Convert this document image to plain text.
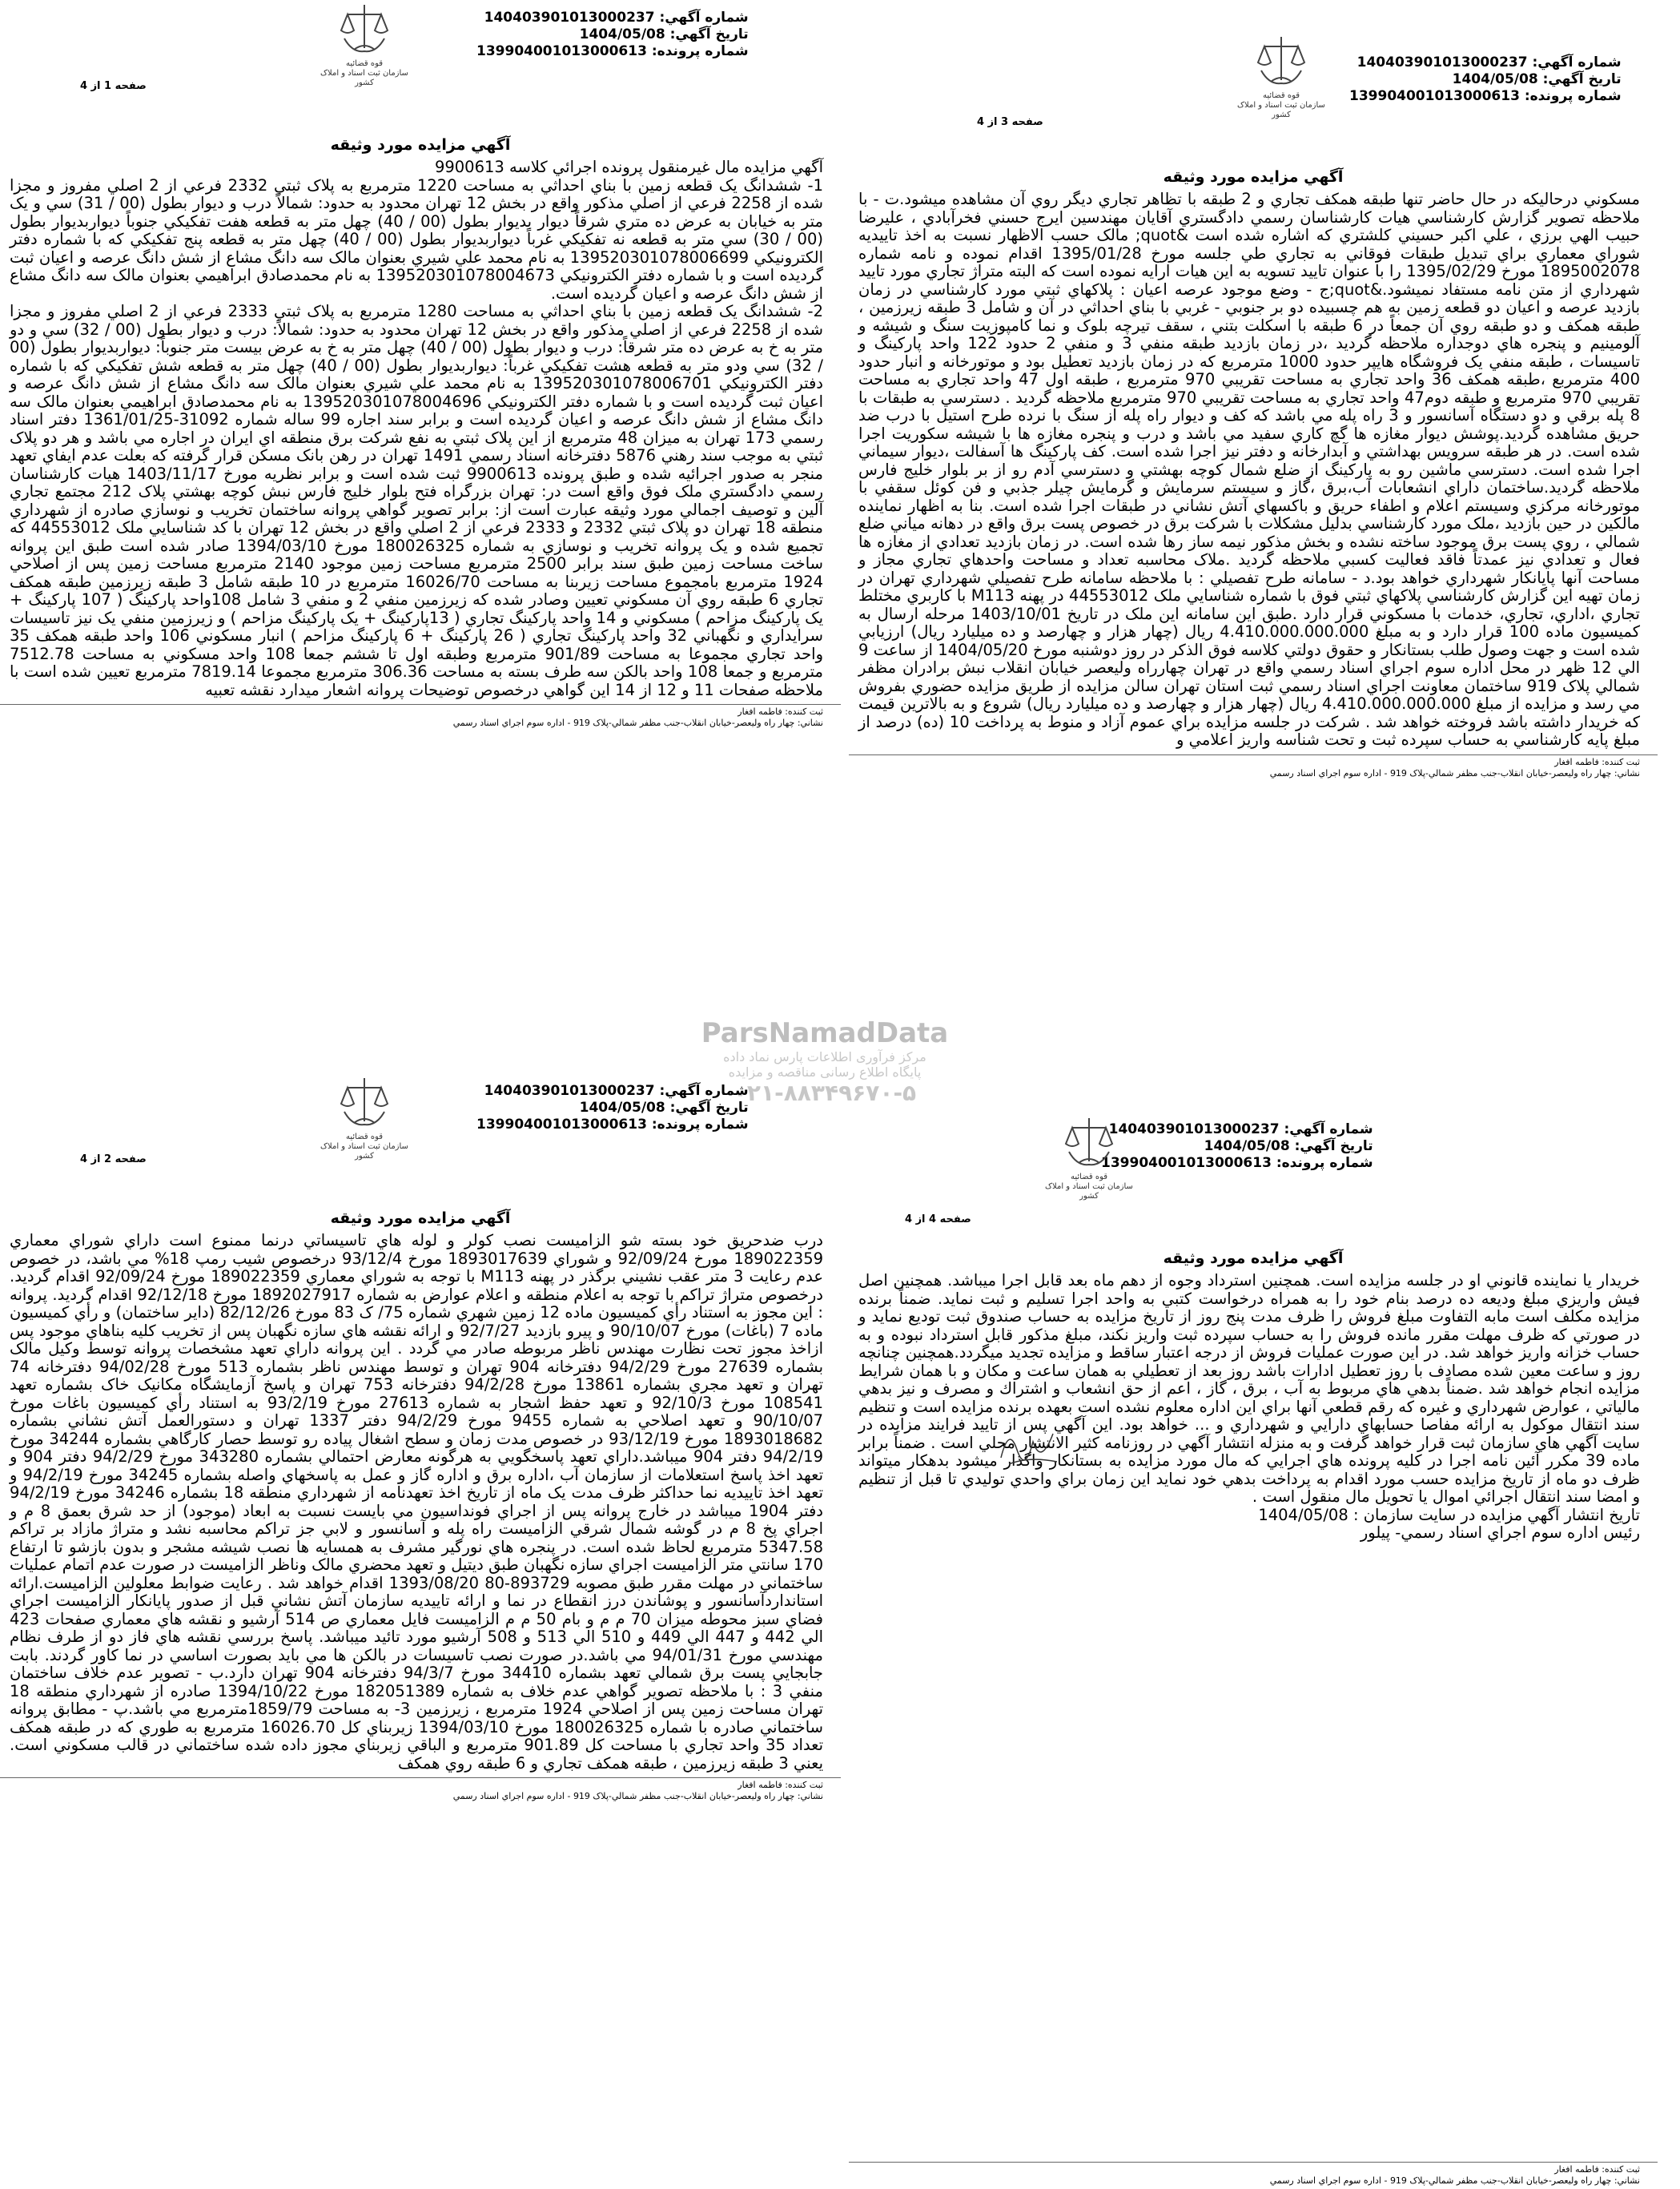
شماره آگهي: 140403901013000237
تاريخ آگهي: 1404/05/08
شماره پرونده: 139904001013000613
قوه قضائيه
سازمان ثبت اسناد و املاک کشور
صفحه 1 از 4
آگهي مزايده مورد وثيقه

آگهي مزايده مال غيرمنقول پرونده اجرائي كلاسه 9900613

1- ششدانگ يک قطعه زمين با بناي احداثي به مساحت 1220 مترمربع به پلاک ثبتي 2332 فرعي از 2 اصلي مفروز و مجزا شده از 2258 فرعي از اصلي مذکور واقع در بخش 12 تهران محدود به حدود: شمالاً درب و ديوار بطول (00 / 31) سي و يک متر به خيابان به عرض ده متري شرقاً ديوار بديوار بطول (00 / 40) چهل متر به قطعه هفت تفکيکي جنوباً ديواربديوار بطول (00 / 30) سي متر به قطعه نه تفکيکي غرباً ديواربديوار بطول (00 / 40) چهل متر به قطعه پنج تفکيکي که با شماره دفتر الکترونيکي 139520301078006699 به نام محمد علي شيري بعنوان مالک سه دانگ مشاع از شش دانگ عرصه و اعيان ثبت گرديده است و با شماره دفتر الکترونيکي 139520301078004673 به نام محمدصادق ابراهيمي بعنوان مالک سه دانگ مشاع از شش دانگ عرصه و اعيان گرديده است.

2- ششدانگ يک قطعه زمين با بناي احداثي به مساحت 1280 مترمربع به پلاک ثبتي 2333 فرعي از 2 اصلي مفروز و مجزا شده از 2258 فرعي از اصلي مذکور واقع در بخش 12 تهران محدود به حدود: شمالاً: درب و ديوار بطول (00 / 32) سي و دو متر به خ به عرض ده متر شرقاً: درب و ديوار بطول (00 / 40) چهل متر به خ به عرض بيست متر جنوباً: ديواربديوار بطول (00 / 32) سي ودو متر به قطعه هشت تفکيکي غرباً: ديواربديوار بطول (00 / 40) چهل متر به قطعه شش تفکيکي که با شماره دفتر الکترونيکي 139520301078006701 به نام محمد علي شيري بعنوان مالک سه دانگ مشاع از شش دانگ عرصه و اعيان ثبت گرديده است و با شماره دفتر الکترونيکي 139520301078004696 به نام محمدصادق ابراهيمي بعنوان مالک سه دانگ مشاع از شش دانگ عرصه و اعيان گرديده است و برابر سند اجاره 99 ساله شماره 31092-1361/01/25 دفتر اسناد رسمي 173 تهران به ميزان 48 مترمربع از اين پلاک ثبتي به نفع شرکت برق منطقه اي ايران در اجاره مي باشد و هر دو پلاک ثبتي به موجب سند رهني 5876 دفترخانه اسناد رسمي 1491 تهران در رهن بانک مسکن قرار گرفته كه بعلت عدم ايفاي تعهد منجر به صدور اجرائيه شده و طبق پرونده 9900613 ثبت شده است و برابر نظريه مورخ 1403/11/17 هيات كارشناسان رسمي دادگستري ملک فوق واقع است در: تهران بزرگراه فتح بلوار خليج فارس نبش کوچه بهشتي پلاک 212 مجتمع تجاري آلين و توصيف اجمالي مورد وثيقه عبارت است از: برابر تصوير گواهي پروانه ساختمان تخريب و نوسازي صادره از شهرداري منطقه 18 تهران دو پلاک ثبتي 2332 و 2333 فرعي از 2 اصلي واقع در بخش 12 تهران با کد شناسايي ملک 44553012 که تجميع شده و يک پروانه تخريب و نوسازي به شماره 180026325 مورخ 1394/03/10 صادر شده است طبق اين پروانه ساخت مساحت زمين طبق سند برابر 2500 مترمربع مساحت زمين موجود 2140 مترمربع مساحت زمين پس از اصلاحي 1924 مترمربع بامجموع مساحت زيربنا به مساحت 16026/70 مترمربع در 10 طبقه شامل 3 طبقه زيرزمين طبقه همکف تجاري 6 طبقه روي آن مسکوني تعيين وصادر شده که زيرزمين منفي 2 و منفي 3 شامل 108واحد پارکينگ ( 107 پارکينگ + يک پارکينگ مزاحم ) مسکوني و 14 واحد پارکينگ تجاري ( 13پارکينگ + يک پارکينگ مزاحم ) و زيرزمين منفي يک نيز تاسيسات سرايداري و نگهباني 32 واحد پارکينگ تجاري ( 26 پارکينگ + 6 پارکينگ مزاحم ) انبار مسکوني 106 واحد طبقه همکف 35 واحد تجاري مجموعا به مساحت 901/89 مترمربع وطبقه اول تا ششم جمعا 108 واحد مسکوني به مساحت 7512.78 مترمربع و جمعا 108 واحد بالکن سه طرف بسته به مساحت 306.36 مترمربع مجموعا 7819.14 مترمربع تعيين شده است با ملاحظه صفحات 11 و 12 از 14 اين گواهي درخصوص توضيحات پروانه اشعار ميدارد نقشه تعبيه

ثبت كننده: فاطمه افغار
نشاني: چهار راه وليعصر-خيابان انقلاب-جنب مظفر شمالي-پلاک 919 - اداره سوم اجراي اسناد رسمي
شماره آگهي: 140403901013000237
تاريخ آگهي: 1404/05/08
شماره پرونده: 139904001013000613
قوه قضائيه
سازمان ثبت اسناد و املاک کشور
صفحه 3 از 4
آگهي مزايده مورد وثيقه

مسکوني درحاليکه در حال حاضر تنها طبقه همکف تجاري و 2 طبقه با تظاهر تجاري ديگر روي آن مشاهده ميشود.ت - با ملاحظه تصوير گزارش كارشناسي هيات كارشناسان رسمي دادگستري آقايان مهندسين ايرج حسني فخرآبادي ، عليرضا حبيب الهي برزي ، علي اكبر حسيني كلشتري كه اشاره شده است &quot; مالک حسب الاظهار نسبت به اخذ تاييديه شوراي معماري براي تبديل طبقات فوقاني به تجاري طي جلسه مورخ 1395/01/28 اقدام نموده و نامه شماره 1895002078 مورخ 1395/02/29 را با عنوان تاييد تسويه به اين هيات ارايه نموده است كه البته متراژ تجاري مورد تاييد شهرداري از متن نامه مستفاد نميشود.&quot;ج - وضع موجود عرصه اعيان : پلاکهاي ثبتي مورد كارشناسي در زمان بازديد عرصه و اعيان دو قطعه زمين به هم چسبيده دو بر جنوبي - غربي با بناي احداثي در آن و شامل 3 طبقه زيرزمين ، طبقه همکف و دو طبقه روي آن جمعاً در 6 طبقه با اسکلت بتني ، سقف تيرچه بلوک و نما کامپوزيت سنگ و شيشه و آلومينيم و پنجره هاي دوجداره ملاحظه گرديد ،در زمان بازديد طبقه منفي 3 و منفي 2 حدود 122 واحد پارکينگ و تاسيسات ، طبقه منفي يک فروشگاه هايپر حدود 1000 مترمربع که در زمان بازديد تعطيل بود و موتورخانه و انبار حدود 400 مترمربع ،طبقه همکف 36 واحد تجاري به مساحت تقريبي 970 مترمربع ، طبقه اول 47 واحد تجاري به مساحت تقريبي 970 مترمربع و طبقه دوم47 واحد تجاري به مساحت تقريبي 970 مترمربع ملاحظه گرديد . دسترسي به طبقات با 8 پله برقي و دو دستگاه آسانسور و 3 راه پله مي باشد که کف و ديوار راه پله از سنگ با نرده طرح استيل با درب ضد حريق مشاهده گرديد.پوشش ديوار مغازه ها گچ کاري سفيد مي باشد و درب و پنجره مغازه ها با شيشه سکوريت اجرا شده است. در هر طبقه سرويس بهداشتي و آبدارخانه و دفتر نيز اجرا شده است. کف پارکينگ ها آسفالت ،ديوار سيماني اجرا شده است. دسترسي ماشين رو به پارکينگ از ضلع شمال کوچه بهشتي و دسترسي آدم رو از بر بلوار خليج فارس ملاحظه گرديد.ساختمان داراي انشعابات آب،برق ،گاز و سيستم سرمايش و گرمايش چيلر جذبي و فن کوئل سقفي با موتورخانه مرکزي وسيستم اعلام و اطفاء حريق و باکسهاي آتش نشاني در طبقات اجرا شده است. بنا به اظهار نماينده مالکين در حين بازديد ،ملک مورد کارشناسي بدليل مشکلات با شرکت برق در خصوص پست برق واقع در دهانه مياني ضلع شمالي ، روي پست برق موجود ساخته نشده و بخش مذکور نيمه ساز رها شده است. در زمان بازديد تعدادي از مغازه ها فعال و تعدادي نيز عمدتاً فاقد فعاليت كسبي ملاحظه گرديد .ملاک محاسبه تعداد و مساحت واحدهاي تجاري مجاز و مساحت آنها پايانکار شهرداري خواهد بود.د - سامانه طرح تفصيلي : با ملاحظه سامانه طرح تفصيلي شهرداري تهران در زمان تهيه اين گزارش كارشناسي پلاکهاي ثبتي فوق با شماره شناسايي ملک 44553012 در پهنه M113 با کاربري مختلط تجاري ،اداري، تجاري، خدمات با مسکوني قرار دارد .طبق اين سامانه اين ملک در تاريخ 1403/10/01 مرحله ارسال به کميسيون ماده 100 قرار دارد و به مبلغ 4.410.000.000.000 ريال (چهار هزار و چهارصد و ده ميليارد ريال) ارزيابي شده است و جهت وصول طلب بستانکار و حقوق دولتي كلاسه فوق الذكر در روز دوشنبه مورخ 1404/05/20 از ساعت 9 الي 12 ظهر در محل اداره سوم اجراي اسناد رسمي واقع در تهران چهارراه وليعصر خيابان انقلاب نبش برادران مظفر شمالي پلاک 919 ساختمان معاونت اجراي اسناد رسمي ثبت استان تهران سالن مزايده از طريق مزايده حضوري بفروش مي رسد و مزايده از مبلغ 4.410.000.000.000 ريال (چهار هزار و چهارصد و ده ميليارد ريال) شروع و به بالاترين قيمت كه خريدار داشته باشد فروخته خواهد شد . شركت در جلسه مزايده براي عموم آزاد و منوط به پرداخت 10 (ده) درصد از مبلغ پايه كارشناسي به حساب سپرده ثبت و تحت شناسه واريز اعلامي و

ثبت كننده: فاطمه افغار
نشاني: چهار راه وليعصر-خيابان انقلاب-جنب مظفر شمالي-پلاک 919 - اداره سوم اجراي اسناد رسمي
ParsNamadData
مرکز فرآوری اطلاعات پارس نماد داده
پایگاه اطلاع رسانی مناقصه و مزایده
۰۲۱-۸۸۳۴۹۶۷۰-۵
شماره آگهي: 140403901013000237
تاريخ آگهي: 1404/05/08
شماره پرونده: 139904001013000613
قوه قضائيه
سازمان ثبت اسناد و املاک کشور
صفحه 2 از 4
آگهي مزايده مورد وثيقه

درب ضدحريق خود بسته شو الزاميست نصب کولر و لوله هاي تاسيساتي درنما ممنوع است داراي شوراي معماري 189022359 مورخ 92/09/24 و شوراي 1893017639 مورخ 93/12/4 درخصوص شيب رمپ 18% مي باشد، در خصوص عدم رعايت 3 متر عقب نشيني برگذر در پهنه M113 با توجه به شوراي معماري 189022359 مورخ 92/09/24 اقدام گرديد. درخصوص متراژ تراکم با توجه به اعلام منطقه و اعلام عوارض به شماره 1892027917 مورخ 92/12/18 اقدام گرديد. پروانه : اين مجوز به استناد رأي كميسيون ماده 12 زمين شهري شماره 75/ ک 83 مورخ 82/12/26 (داير ساختمان) و رأي كميسيون ماده 7 (باغات) مورخ 90/10/07 و پيرو بازديد 92/7/27 و ارائه نقشه هاي سازه نگهبان پس از تخريب کليه بناهاي موجود پس ازاخذ مجوز تحت نظارت مهندس ناظر مربوطه صادر مي گردد . اين پروانه داراي تعهد مشخصات پروانه توسط وکيل مالک بشماره 27639 مورخ 94/2/29 دفترخانه 904 تهران و توسط مهندس ناظر بشماره 513 مورخ 94/02/28 دفترخانه 74 تهران و تعهد مجري بشماره 13861 مورخ 94/2/28 دفترخانه 753 تهران و پاسخ آزمايشگاه مکانيک خاک بشماره تعهد 108541 مورخ 92/10/3 و تعهد حفظ اشجار به شماره 27613 مورخ 93/2/19 به استناد رأي كميسيون باغات مورخ 90/10/07 و تعهد اصلاحي به شماره 9455 مورخ 94/2/29 دفتر 1337 تهران و دستورالعمل آتش نشاني بشماره 1893018682 مورخ 93/12/19 در خصوص مدت زمان و سطح اشغال پياده رو توسط حصار کارگاهي بشماره 34244 مورخ 94/2/19 دفتر 904 ميباشد.داراي تعهد پاسخگويي به هرگونه معارض احتمالي بشماره 343280 مورخ 94/2/29 دفتر 904 و تعهد اخذ پاسخ استعلامات از سازمان آب ،اداره برق و اداره گاز و عمل به پاسخهاي واصله بشماره 34245 مورخ 94/2/19 و تعهد اخذ تاييديه نما حداکثر ظرف مدت يک ماه از تاريخ اخذ تعهدنامه از شهرداري منطقه 18 بشماره 34246 مورخ 94/2/19 دفتر 1904 ميباشد در خارج پروانه پس از اجراي فونداسيون مي بايست نسبت به ابعاد (موجود) از حد شرق بعمق 8 م و اجراي پخ 8 م در گوشه شمال شرقي الزاميست راه پله و آسانسور و لابي جز تراکم محاسبه نشد و متراژ مازاد بر تراکم 5347.58 مترمربع لحاظ شده است. در پنجره هاي نورگير مشرف به همسايه ها نصب شيشه مشجر و بدون بازشو تا ارتفاع 170 سانتي متر الزاميست اجراي سازه نگهبان طبق ديتيل و تعهد محضري مالک وناظر الزاميست در صورت عدم اتمام عمليات ساختماني در مهلت مقرر طبق مصوبه 893729-80 1393/08/20 اقدام خواهد شد . رعايت ضوابط معلولين الزاميست.ارائه استانداردآسانسور و پوشاندن درز انقطاع در نما و ارائه تاييديه سازمان آتش نشاني قبل از صدور پايانکار الزاميست اجراي فضاي سبز محوطه ميزان 70 م م و بام 50 م م الزاميست فايل معماري ص 514 آرشيو و نقشه هاي معماري صفحات 423 الي 442 و 447 الي 449 و 510 الي 513 و 508 آرشيو مورد تائيد ميباشد. پاسخ بررسي نقشه هاي فاز دو از طرف نظام مهندسي مورخ 94/01/31 مي باشد.در صورت نصب تاسيسات در بالکن ها مي بايد بصورت اساسي در نما کاور گردند. بابت جابجايي پست برق شمالي تعهد بشماره 34410 مورخ 94/3/7 دفترخانه 904 تهران دارد.ب - تصوير عدم خلاف ساختمان منفي 3 : با ملاحظه تصوير گواهي عدم خلاف به شماره 182051389 مورخ 1394/10/22 صادره از شهرداري منطقه 18 تهران مساحت زمين پس از اصلاحي 1924 مترمربع ، زيرزمين 3- به مساحت 1859/79مترمربع مي باشد.پ - مطابق پروانه ساختماني صادره با شماره 180026325 مورخ 1394/03/10 زيربناي کل 16026.70 مترمربع به طوري كه در طبقه همکف تعداد 35 واحد تجاري با مساحت کل 901.89 مترمربع و الباقي زيربناي مجوز داده شده ساختماني در قالب مسکوني است. يعني 3 طبقه زيرزمين ، طبقه همکف تجاري و 6 طبقه روي همکف

ثبت كننده: فاطمه افغار
نشاني: چهار راه وليعصر-خيابان انقلاب-جنب مظفر شمالي-پلاک 919 - اداره سوم اجراي اسناد رسمي
شماره آگهي: 140403901013000237
تاريخ آگهي: 1404/05/08
شماره پرونده: 139904001013000613
قوه قضائيه
سازمان ثبت اسناد و املاک کشور
صفحه 4 از 4
آگهي مزايده مورد وثيقه

خريدار يا نماينده قانوني او در جلسه مزايده است. همچنين استرداد وجوه از دهم ماه بعد قابل اجرا ميباشد. همچنين اصل فيش واريزي مبلغ وديعه ده درصد بنام خود را به همراه درخواست كتبي به واحد اجرا تسليم و ثبت نمايد. ضمناً برنده مزايده مكلف است مابه التفاوت مبلغ فروش را ظرف مدت پنج روز از تاريخ مزايده به حساب صندوق ثبت توديع نمايد و در صورتي كه ظرف مهلت مقرر مانده فروش را به حساب سپرده ثبت واريز نكند، مبلغ مذكور قابل استرداد نبوده و به حساب خزانه واريز خواهد شد. در اين صورت عمليات فروش از درجه اعتبار ساقط و مزايده تجديد ميگردد.همچنين چنانچه روز و ساعت معين شده مصادف با روز تعطيل ادارات باشد روز بعد از تعطيلي به همان ساعت و مكان و با همان شرايط مزايده انجام خواهد شد .ضمناً بدهي هاي مربوط به آب ، برق ، گاز ، اعم از حق انشعاب و اشتراك و مصرف و نيز بدهي مالياتي ، عوارض شهرداري و غيره كه رقم قطعي آنها براي اين اداره معلوم نشده است بعهده برنده مزايده است و تنظيم سند انتقال موكول به ارائه مفاصا حسابهاي دارايي و شهرداري و ... خواهد بود. اين آگهي پس از تاييد فرايند مزايده در سايت آگهي هاي سازمان ثبت قرار خواهد گرفت و به منزله انتشار آگهي در روزنامه كثير الانتشار محلي است . ضمناً برابر ماده 39 مكرر آئين نامه اجرا در كليه پرونده هاي اجرايي كه مال مورد مزايده به بستانكار واگذار ميشود بدهكار ميتواند ظرف دو ماه از تاريخ مزايده حسب مورد اقدام به پرداخت بدهي خود نمايد اين زمان براي واحدي توليدي تا قبل از تنظيم و امضا سند انتقال اجرائي اموال يا تحويل مال منقول است .

تاريخ انتشار آگهي مزايده در سايت سازمان : 1404/05/08

رئيس اداره سوم اجراي اسناد رسمي- پيلور

ثبت كننده: فاطمه افغار
نشاني: چهار راه وليعصر-خيابان انقلاب-جنب مظفر شمالي-پلاک 919 - اداره سوم اجراي اسناد رسمي
